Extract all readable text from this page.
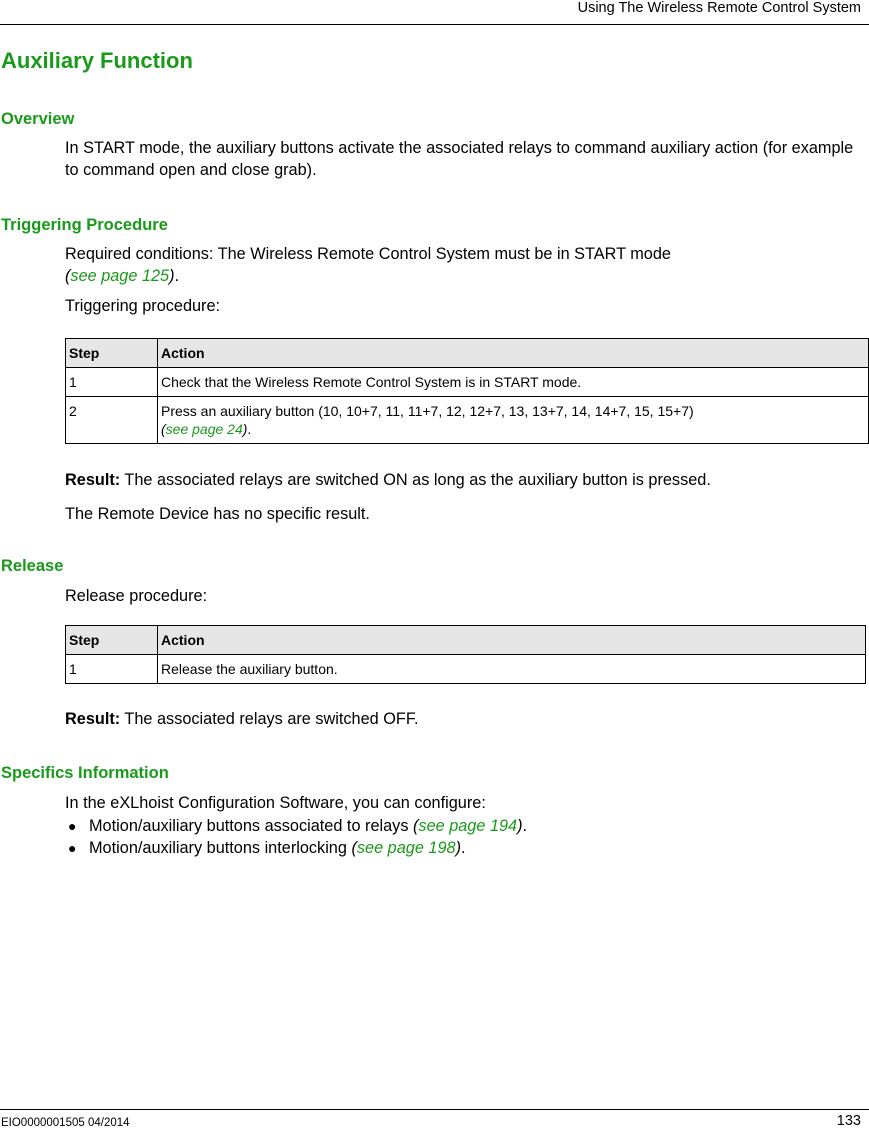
Using The Wireless Remote Control System
Auxiliary Function
Overview

In START mode, the auxiliary buttons activate the associated relays to command auxiliary action (for example to command open and close grab).

Triggering Procedure

Required conditions: The Wireless Remote Control System must be in START mode
(see page 125).

Triggering procedure:

Step	Action
1	Check that the Wireless Remote Control System is in START mode.
2	Press an auxiliary button (10, 10+7, 11, 11+7, 12, 12+7, 13, 13+7, 14, 14+7, 15, 15+7)
(see page 24).

Result: The associated relays are switched ON as long as the auxiliary button is pressed.

The Remote Device has no specific result.

Release

Release procedure:

Step	Action
1	Release the auxiliary button.

Result: The associated relays are switched OFF.

Specifics Information

In the eXLhoist Configuration Software, you can configure:

● Motion/auxiliary buttons associated to relays (see page 194).
● Motion/auxiliary buttons interlocking (see page 198).
EIO0000001505 04/2014	133
